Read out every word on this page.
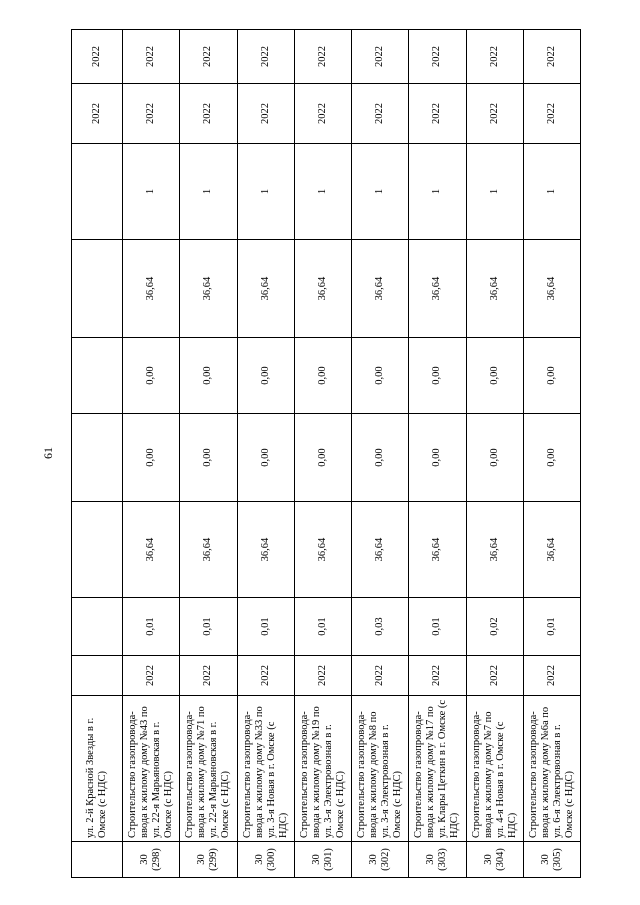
61
	ул. 2-й Красной Звезды в г. Омске (с НДС)								2022	2022

30 (298)	Строительство газопровода-ввода к жилому дому №43 по ул. 22-я Марьяновская в г. Омске (с НДС)	2022	0,01	36,64	0,00	0,00	36,64	1	2022	2022

30 (299)	Строительство газопровода-ввода к жилому дому №71 по ул. 22-я Марьяновская в г. Омске (с НДС)	2022	0,01	36,64	0,00	0,00	36,64	1	2022	2022

30 (300)	Строительство газопровода-ввода к жилому дому №33 по ул. 3-я Новая в г. Омске (с НДС)	2022	0,01	36,64	0,00	0,00	36,64	1	2022	2022

30 (301)	Строительство газопровода-ввода к жилому дому №19 по ул. 3-я Электровозная в г. Омске (с НДС)	2022	0,01	36,64	0,00	0,00	36,64	1	2022	2022

30 (302)	Строительство газопровода-ввода к жилому дому №8 по ул. 3-я Электровозная в г. Омске (с НДС)	2022	0,03	36,64	0,00	0,00	36,64	1	2022	2022

30 (303)	Строительство газопровода-ввода к жилому дому №17 по ул. Клары Цеткин в г. Омске (с НДС)	2022	0,01	36,64	0,00	0,00	36,64	1	2022	2022

30 (304)	Строительство газопровода-ввода к жилому дому №7 по ул. 4-я Новая в г. Омске (с НДС)	2022	0,02	36,64	0,00	0,00	36,64	1	2022	2022

30 (305)	Строительство газопровода-ввода к жилому дому №6а по ул. 6-я Электровозная в г. Омске (с НДС)	2022	0,01	36,64	0,00	0,00	36,64	1	2022	2022
